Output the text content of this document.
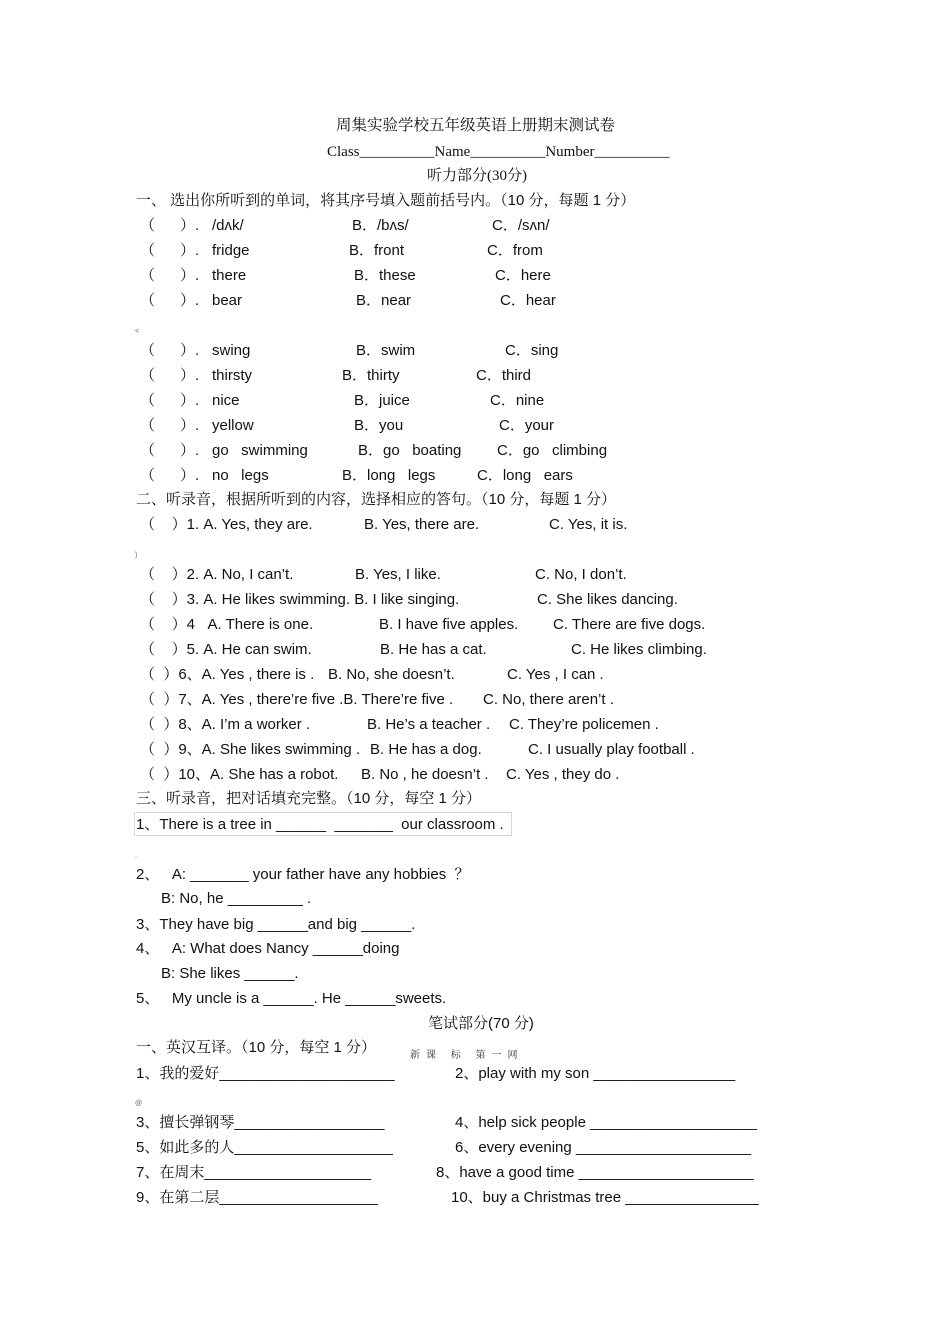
周集实验学校五年级英语上册期末测试卷
Class__________Name__________Number__________
听力部分(30分)
一、 选出你所听到的单词，将其序号填入题前括号内。（10 分，每题 1 分）
（      ）. /dʌk/	B．/bʌs/	C．/sʌn/
（      ）. fridge	B．front	C．from
（      ）. there	B．these	C．here
（      ）. bear	B．near	C．hear
<
（      ）. swing	B．swim	C．sing
（      ）. thirsty	B．thirty	C．third
（      ）. nice	B．juice	C．nine
（      ）. yellow	B．you	C．your
（      ）. go   swimming	B．go   boating C．go   climbing
（      ）. no   legs	B．long   legs	C．long   ears
二、听录音，根据所听到的内容，选择相应的答句。（10 分，每题 1 分）
（    ）1. A. Yes, they are.	B. Yes, there are.	C. Yes, it is.
)
（    ）2. A. No, I can’t.	B. Yes, I like.	C. No, I don’t.
（    ）3. A. He likes swimming. B. I like singing.	C. She likes dancing.
（    ）4   A. There is one.	B. I have five apples. C. There are five dogs.
（    ）5. A. He can swim.	B. He has a cat.	C. He likes climbing.
（  ）6、A. Yes , there is . B. No, she doesn’t.	C. Yes , I can .
（  ）7、A. Yes , there’re five .B. There’re five . C. No, there aren’t .
（  ）8、A. I’m a worker .	B. He’s a teacher . C. They’re policemen .
（  ）9、A. She likes swimming . B. He has a dog.	C. I usually play football .
（  ）10、A. She has a robot. B. No , he doesn’t . C. Yes , they do .
三、听录音，把对话填充完整。（10 分，每空 1 分）
1、There is a tree in ______  _______  our classroom .
.
2、   A: _______ your father have any hobbies  ？
B: No, he _________ .
3、They have big ______and big ______.
4、   A: What does Nancy ______doing
B: She likes ______.
5、   My uncle is a ______. He ______sweets.
笔试部分(70 分)
一、英汉互译。（10 分，每空 1 分）	新课 标 第一网
1、我的爱好_____________________	2、play with my son _________________
@
3、擅长弹钢琴__________________	4、help sick people ____________________
5、如此多的人___________________	6、every evening _____________________
7、在周末____________________	8、have a good time _____________________
9、在第二层___________________	10、buy a Christmas tree ________________
